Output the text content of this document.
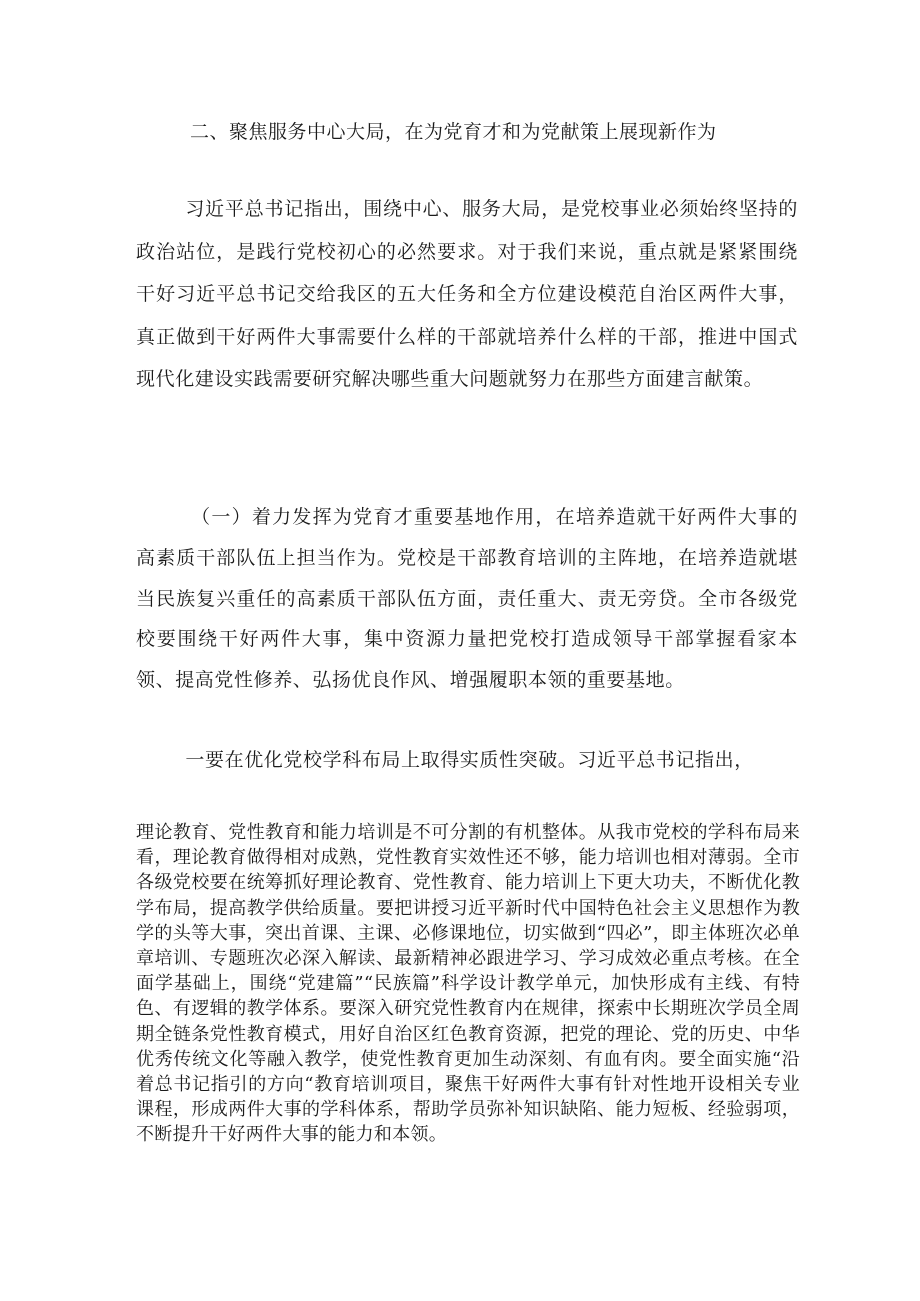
二、聚焦服务中心大局，在为党育才和为党献策上展现新作为

习近平总书记指出，围绕中心、服务大局，是党校事业必须始终坚持的政治站位，是践行党校初心的必然要求。对于我们来说，重点就是紧紧围绕干好习近平总书记交给我区的五大任务和全方位建设模范自治区两件大事，真正做到干好两件大事需要什么样的干部就培养什么样的干部，推进中国式现代化建设实践需要研究解决哪些重大问题就努力在那些方面建言献策。

（一）着力发挥为党育才重要基地作用，在培养造就干好两件大事的高素质干部队伍上担当作为。党校是干部教育培训的主阵地，在培养造就堪当民族复兴重任的高素质干部队伍方面，责任重大、责无旁贷。全市各级党校要围绕干好两件大事，集中资源力量把党校打造成领导干部掌握看家本领、提高党性修养、弘扬优良作风、增强履职本领的重要基地。

一要在优化党校学科布局上取得实质性突破。习近平总书记指出，

理论教育、党性教育和能力培训是不可分割的有机整体。从我市党校的学科布局来看，理论教育做得相对成熟，党性教育实效性还不够，能力培训也相对薄弱。全市各级党校要在统筹抓好理论教育、党性教育、能力培训上下更大功夫，不断优化教学布局，提高教学供给质量。要把讲授习近平新时代中国特色社会主义思想作为教学的头等大事，突出首课、主课、必修课地位，切实做到“四必”，即主体班次必单章培训、专题班次必深入解读、最新精神必跟进学习、学习成效必重点考核。在全面学基础上，围绕“党建篇”“民族篇”科学设计教学单元，加快形成有主线、有特色、有逻辑的教学体系。要深入研究党性教育内在规律，探索中长期班次学员全周期全链条党性教育模式，用好自治区红色教育资源，把党的理论、党的历史、中华优秀传统文化等融入教学，使党性教育更加生动深刻、有血有肉。要全面实施“沿着总书记指引的方向“教育培训项目，聚焦干好两件大事有针对性地开设相关专业课程，形成两件大事的学科体系，帮助学员弥补知识缺陷、能力短板、经验弱项，不断提升干好两件大事的能力和本领。
